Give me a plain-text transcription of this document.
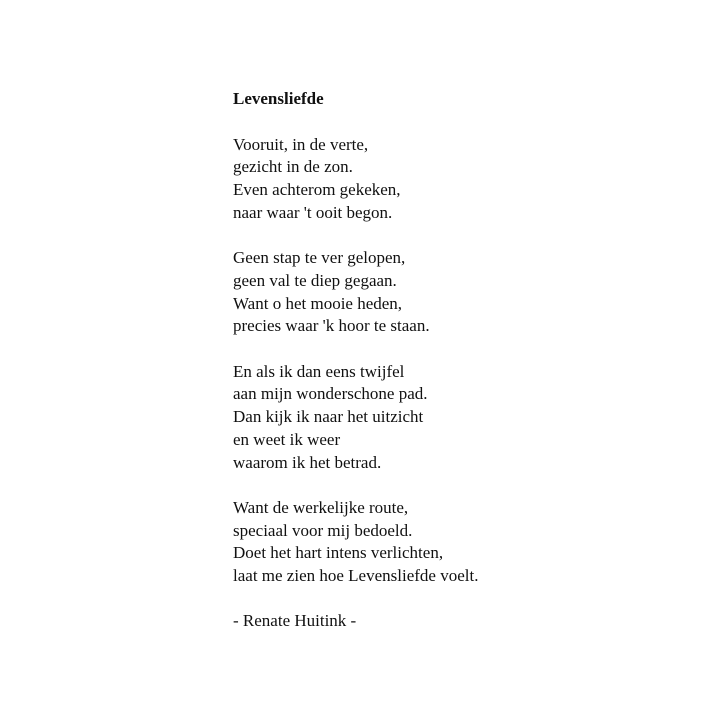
Levensliefde
Vooruit, in de verte,
gezicht in de zon.
Even achterom gekeken,
naar waar 't ooit begon.
Geen stap te ver gelopen,
geen val te diep gegaan.
Want o het mooie heden,
precies waar 'k hoor te staan.
En als ik dan eens twijfel
aan mijn wonderschone pad.
Dan kijk ik naar het uitzicht
en weet ik weer
waarom ik het betrad.
Want de werkelijke route,
speciaal voor mij bedoeld.
Doet het hart intens verlichten,
laat me zien hoe Levensliefde voelt.
- Renate Huitink -
